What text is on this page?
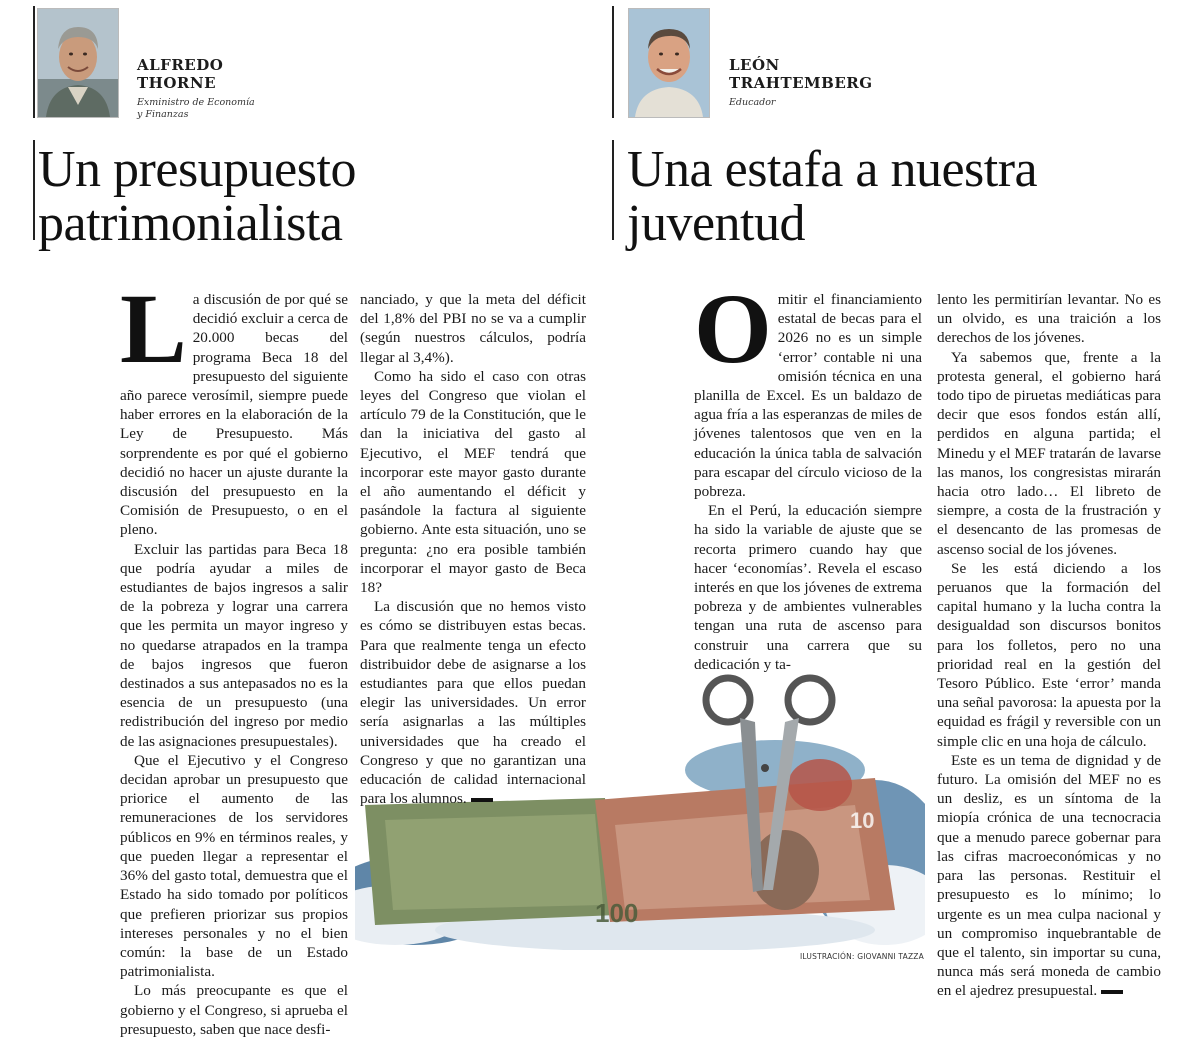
ALFREDO
THORNE
Exministro de Economía
y Finanzas
Un presupuesto
patrimonialista
LEÓN
TRAHTEMBERG
Educador
Una estafa a nuestra
juventud
100
10
ILUSTRACIÓN: GIOVANNI TAZZA

La discusión de por qué se decidió excluir a cerca de 20.000 becas del programa Beca 18 del presupuesto del siguiente año parece verosímil, siempre puede haber errores en la elaboración de la Ley de Presupuesto. Más sorprendente es por qué el gobierno decidió no hacer un ajuste durante la discusión del presupuesto en la Comisión de Presupuesto, o en el pleno.

Excluir las partidas para Beca 18 que podría ayudar a miles de estudiantes de bajos ingresos a salir de la pobreza y lograr una carrera que les permita un mayor ingreso y no quedarse atrapados en la trampa de bajos ingresos que fueron destinados a sus antepasados no es la esencia de un presupuesto (una redistribución del ingreso por medio de las asignaciones presupuestales).

Que el Ejecutivo y el Congreso decidan aprobar un presupuesto que priorice el aumento de las remuneraciones de los servidores públicos en 9% en términos reales, y que pueden llegar a representar el 36% del gasto total, demuestra que el Estado ha sido tomado por políticos que prefieren priorizar sus propios intereses personales y no el bien común: la base de un Estado patrimonialista.

Lo más preocupante es que el gobierno y el Congreso, si aprueba el presupuesto, saben que nace desfi-

nanciado, y que la meta del déficit del 1,8% del PBI no se va a cumplir (según nuestros cálculos, podría llegar al 3,4%).

Como ha sido el caso con otras leyes del Congreso que violan el artículo 79 de la Constitución, que le dan la iniciativa del gasto al Ejecutivo, el MEF tendrá que incorporar este mayor gasto durante el año aumentando el déficit y pasándole la factura al siguiente gobierno. Ante esta situación, uno se pregunta: ¿no era posible también incorporar el mayor gasto de Beca 18?

La discusión que no hemos visto es cómo se distribuyen estas becas. Para que realmente tenga un efecto distribuidor debe de asignarse a los estudiantes para que ellos puedan elegir las universidades. Un error sería asignarlas a las múltiples universidades que ha creado el Congreso y que no garantizan una educación de calidad internacional para los alumnos.

Omitir el financiamiento estatal de becas para el 2026 no es un simple ‘error’ contable ni una omisión técnica en una planilla de Excel. Es un baldazo de agua fría a las esperanzas de miles de jóvenes talentosos que ven en la educación la única tabla de salvación para escapar del círculo vicioso de la pobreza.

En el Perú, la educación siempre ha sido la variable de ajuste que se recorta primero cuando hay que hacer ‘economías’. Revela el escaso interés en que los jóvenes de extrema pobreza y de ambientes vulnerables tengan una ruta de ascenso para construir una carrera que su dedicación y ta-

lento les permitirían levantar. No es un olvido, es una traición a los derechos de los jóvenes.

Ya sabemos que, frente a la protesta general, el gobierno hará todo tipo de piruetas mediáticas para decir que esos fondos están allí, perdidos en alguna partida; el Minedu y el MEF tratarán de lavarse las manos, los congresistas mirarán hacia otro lado… El libreto de siempre, a costa de la frustración y el desencanto de las promesas de ascenso social de los jóvenes.

Se les está diciendo a los peruanos que la formación del capital humano y la lucha contra la desigualdad son discursos bonitos para los folletos, pero no una prioridad real en la gestión del Tesoro Público. Este ‘error’ manda una señal pavorosa: la apuesta por la equidad es frágil y reversible con un simple clic en una hoja de cálculo.

Este es un tema de dignidad y de futuro. La omisión del MEF no es un desliz, es un síntoma de la miopía crónica de una tecnocracia que a menudo parece gobernar para las cifras macroeconómicas y no para las personas. Restituir el presupuesto es lo mínimo; lo urgente es un mea culpa nacional y un compromiso inquebrantable de que el talento, sin importar su cuna, nunca más será moneda de cambio en el ajedrez presupuestal.
